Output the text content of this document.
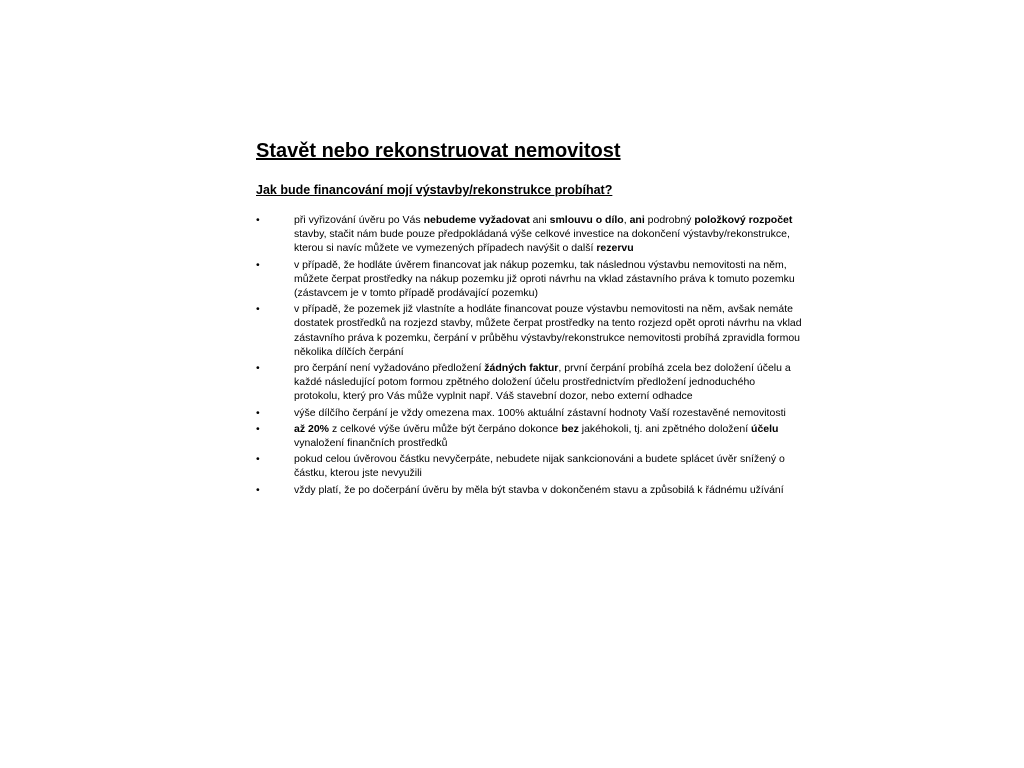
Stavět nebo rekonstruovat nemovitost
Jak bude financování mojí výstavby/rekonstrukce probíhat?
•	při vyřizování úvěru po Vás nebudeme vyžadovat ani smlouvu o dílo, ani podrobný položkový rozpočet stavby, stačit nám bude pouze předpokládaná výše celkové investice na dokončení výstavby/rekonstrukce, kterou si navíc můžete ve vymezených případech navýšit o další rezervu
•	v případě, že hodláte úvěrem financovat jak nákup pozemku, tak následnou výstavbu nemovitosti na něm, můžete čerpat prostředky na nákup pozemku již oproti návrhu na vklad zástavního práva k tomuto pozemku (zástavcem je v tomto případě prodávající pozemku)
•	v případě, že pozemek již vlastníte a hodláte financovat pouze výstavbu nemovitosti na něm, avšak nemáte dostatek prostředků na rozjezd stavby, můžete čerpat prostředky na tento rozjezd opět oproti návrhu na vklad zástavního práva k pozemku, čerpání v průběhu výstavby/rekonstrukce nemovitosti probíhá zpravidla formou několika dílčích čerpání
•	pro čerpání není vyžadováno předložení žádných faktur, první čerpání probíhá zcela bez doložení účelu a každé následující potom formou zpětného doložení účelu prostřednictvím předložení jednoduchého protokolu, který pro Vás může vyplnit např. Váš stavební dozor, nebo externí odhadce
•	výše dílčího čerpání je vždy omezena max. 100% aktuální zástavní hodnoty Vaší rozestavěné nemovitosti
•	až 20% z celkové výše úvěru může být čerpáno dokonce bez jakéhokoli, tj. ani zpětného doložení účelu vynaložení finančních prostředků
•	pokud celou úvěrovou částku nevyčerpáte, nebudete nijak sankcionováni a budete splácet úvěr snížený o částku, kterou jste nevyužili
•	vždy platí, že po dočerpání úvěru by měla být stavba v dokončeném stavu a způsobilá k řádnému užívání
